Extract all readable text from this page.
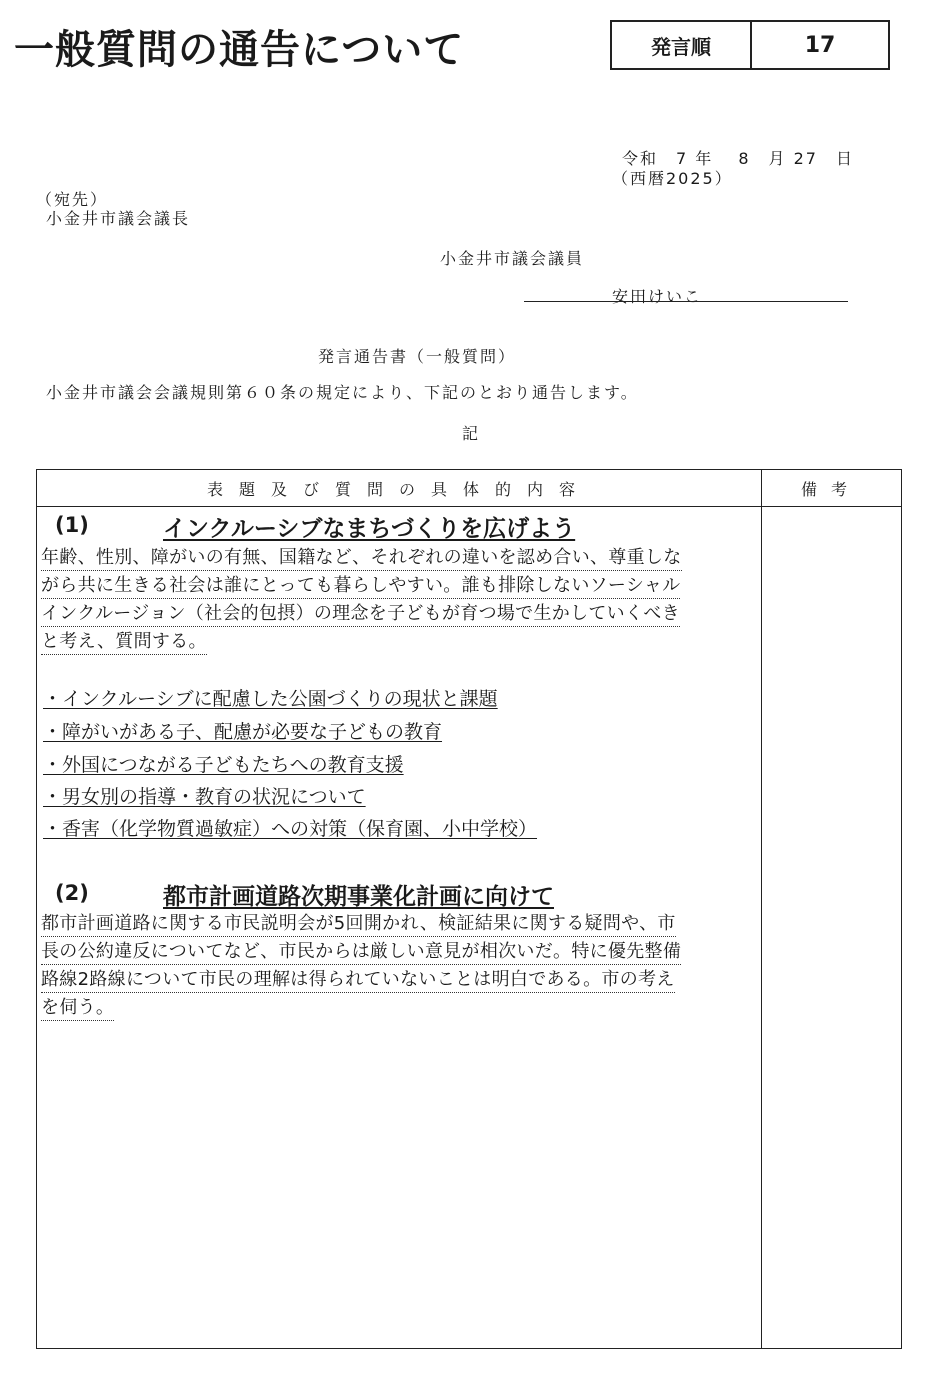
一般質問の通告について	発言順	17
令和　7 年　 8　月 27　日
（西暦2025）
（宛先）
小金井市議会議長
小金井市議会議員
安田けいこ
発言通告書（一般質問）
小金井市議会会議規則第６０条の規定により、下記のとおり通告します。
記
表題及び質問の具体的内容	備考
(1)	インクルーシブなまちづくりを広げよう
年齢、性別、障がいの有無、国籍など、それぞれの違いを認め合い、尊重しな
がら共に生きる社会は誰にとっても暮らしやすい。誰も排除しないソーシャル
インクルージョン（社会的包摂）の理念を子どもが育つ場で生かしていくべき
と考え、質問する。
・インクルーシブに配慮した公園づくりの現状と課題
・障がいがある子、配慮が必要な子どもの教育
・外国につながる子どもたちへの教育支援
・男女別の指導・教育の状況について
・香害（化学物質過敏症）への対策（保育園、小中学校）
(2)	都市計画道路次期事業化計画に向けて
都市計画道路に関する市民説明会が5回開かれ、検証結果に関する疑問や、市
長の公約違反についてなど、市民からは厳しい意見が相次いだ。特に優先整備
路線2路線について市民の理解は得られていないことは明白である。市の考え
を伺う。
